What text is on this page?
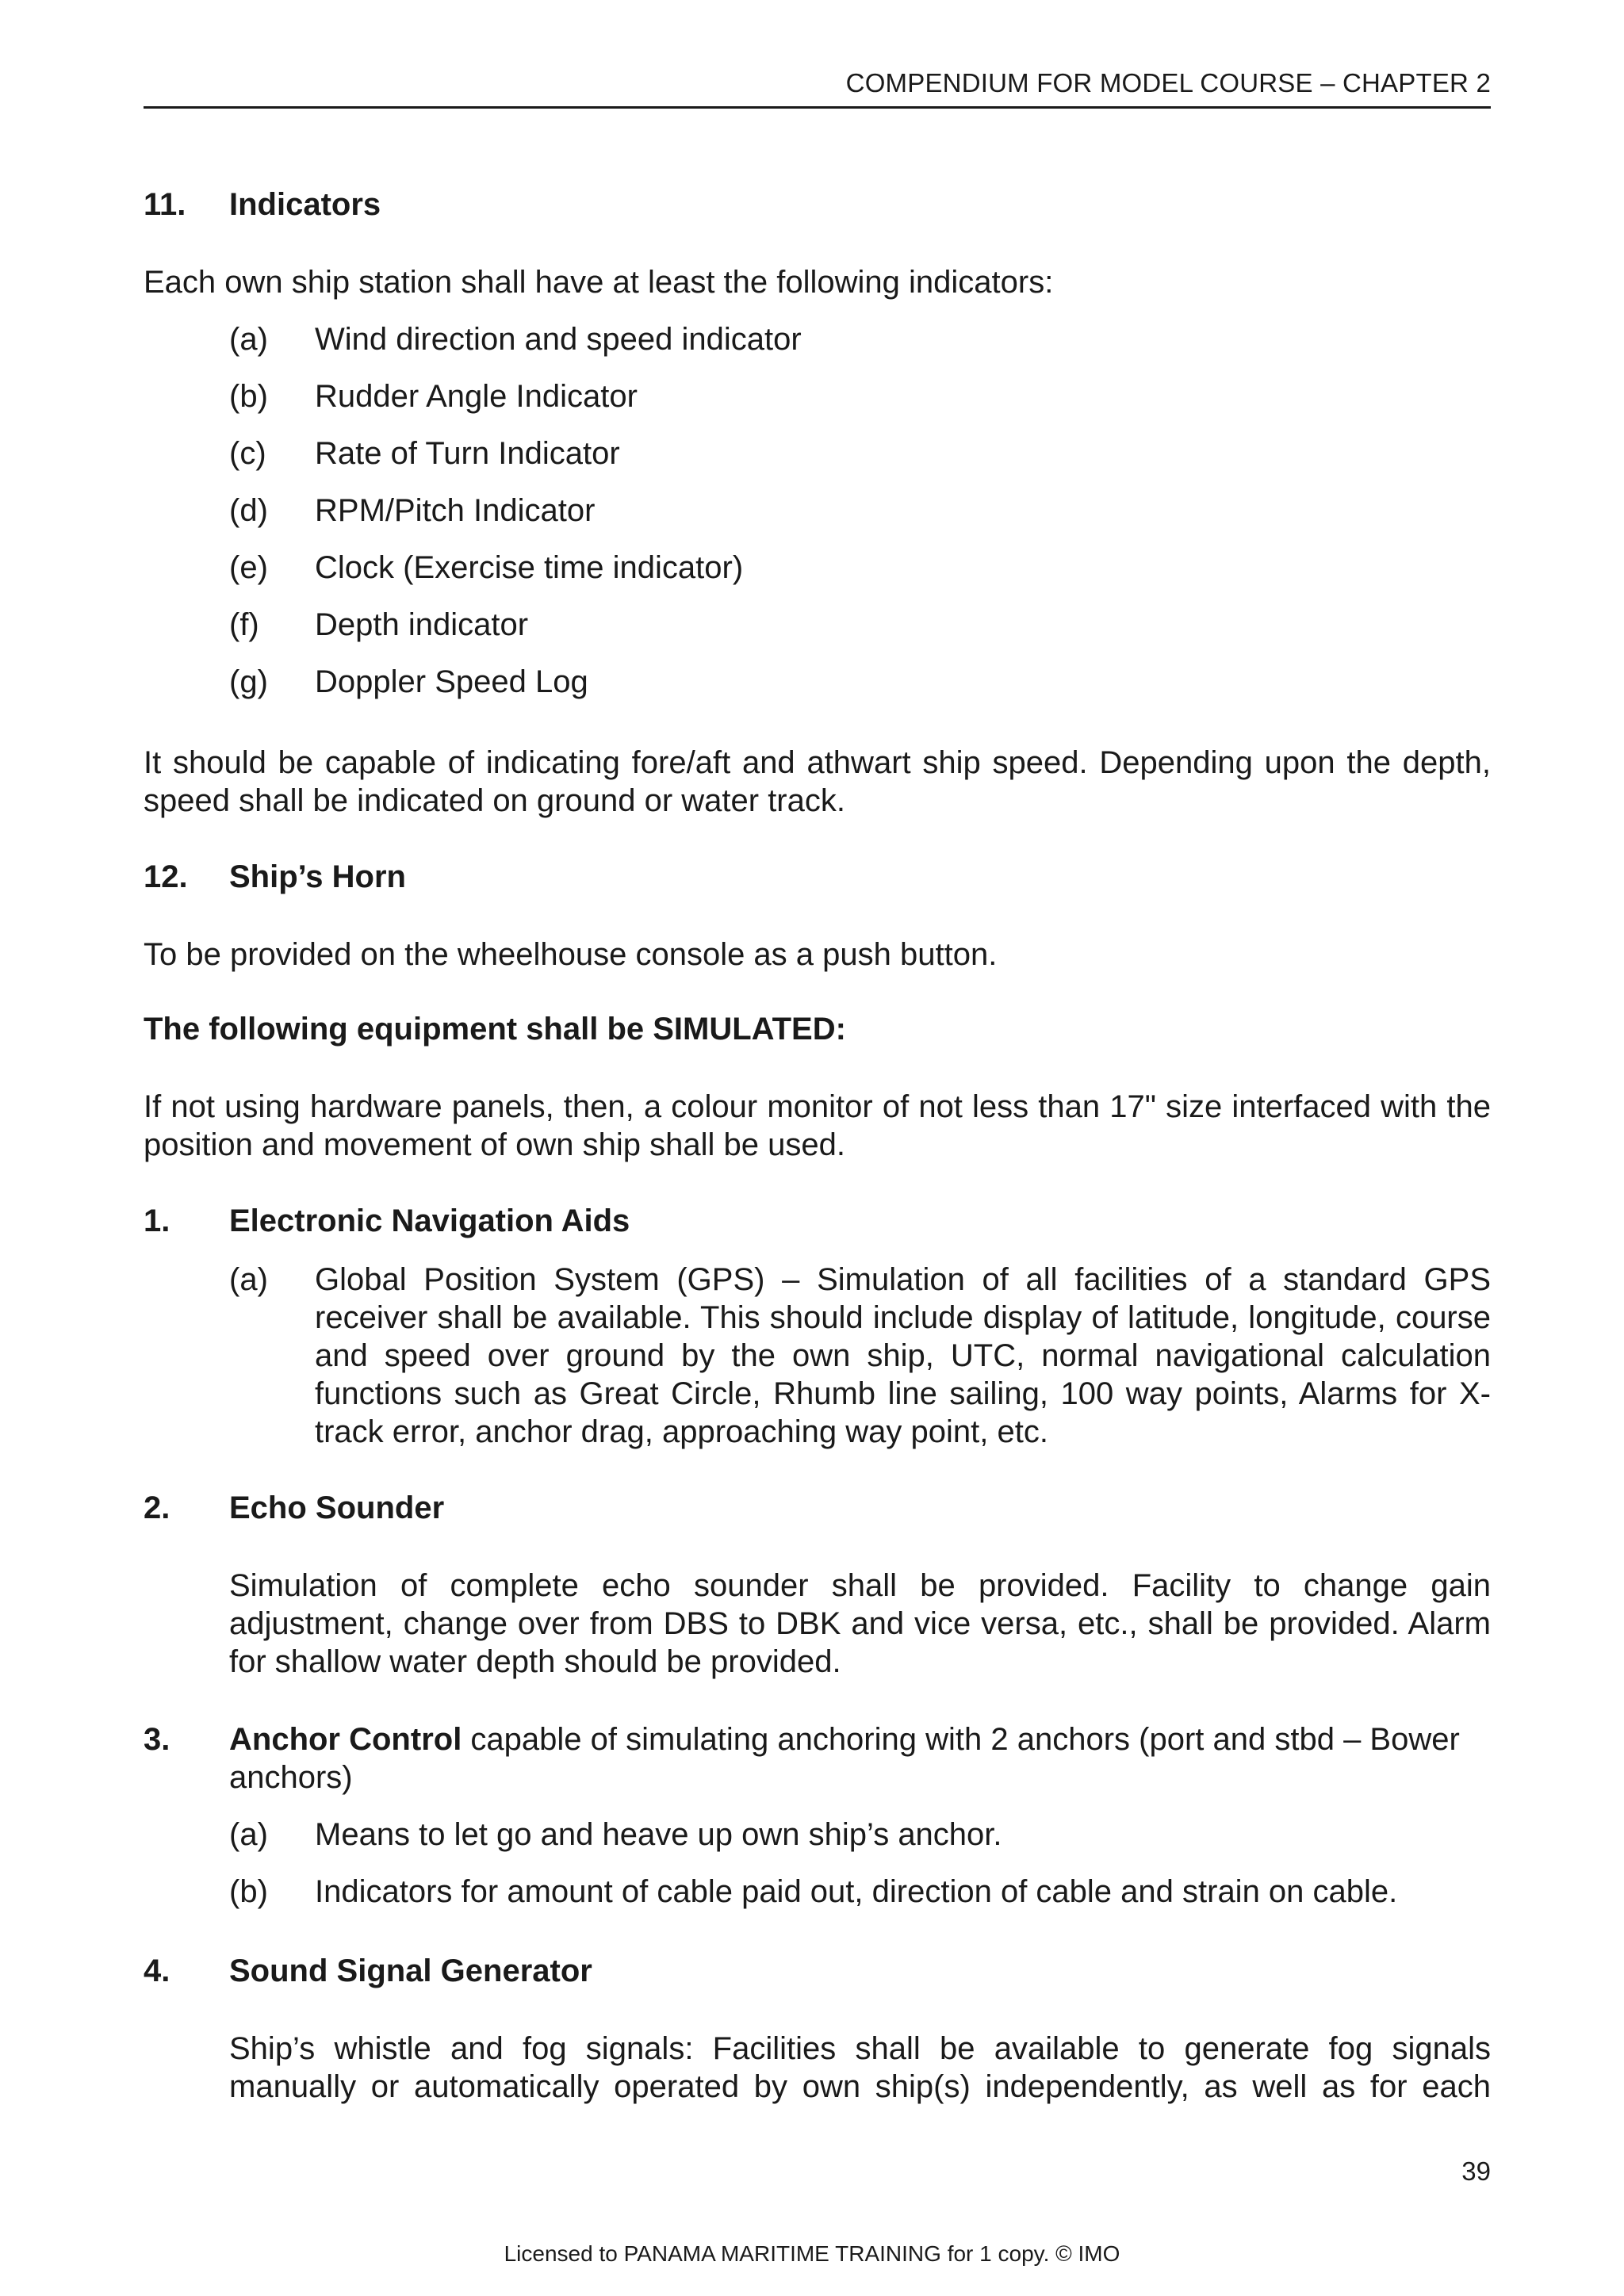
COMPENDIUM FOR MODEL COURSE – CHAPTER 2
11. Indicators
Each own ship station shall have at least the following indicators:
(a) Wind direction and speed indicator
(b) Rudder Angle Indicator
(c) Rate of Turn Indicator
(d) RPM/Pitch Indicator
(e) Clock (Exercise time indicator)
(f) Depth indicator
(g) Doppler Speed Log
It should be capable of indicating fore/aft and athwart ship speed. Depending upon the depth, speed shall be indicated on ground or water track.
12. Ship’s Horn
To be provided on the wheelhouse console as a push button.
The following equipment shall be SIMULATED:
If not using hardware panels, then, a colour monitor of not less than 17" size interfaced with the position and movement of own ship shall be used.
1. Electronic Navigation Aids
(a) Global Position System (GPS) – Simulation of all facilities of a standard GPS receiver shall be available. This should include display of latitude, longitude, course and speed over ground by the own ship, UTC, normal navigational calculation functions such as Great Circle, Rhumb line sailing, 100 way points, Alarms for X-track error, anchor drag, approaching way point, etc.
2. Echo Sounder
Simulation of complete echo sounder shall be provided. Facility to change gain adjustment, change over from DBS to DBK and vice versa, etc., shall be provided. Alarm for shallow water depth should be provided.
3. Anchor Control capable of simulating anchoring with 2 anchors (port and stbd – Bower anchors)
(a) Means to let go and heave up own ship’s anchor.
(b) Indicators for amount of cable paid out, direction of cable and strain on cable.
4. Sound Signal Generator
Ship’s whistle and fog signals: Facilities shall be available to generate fog signals manually or automatically operated by own ship(s) independently, as well as for each
39
Licensed to PANAMA MARITIME TRAINING for 1 copy. © IMO
